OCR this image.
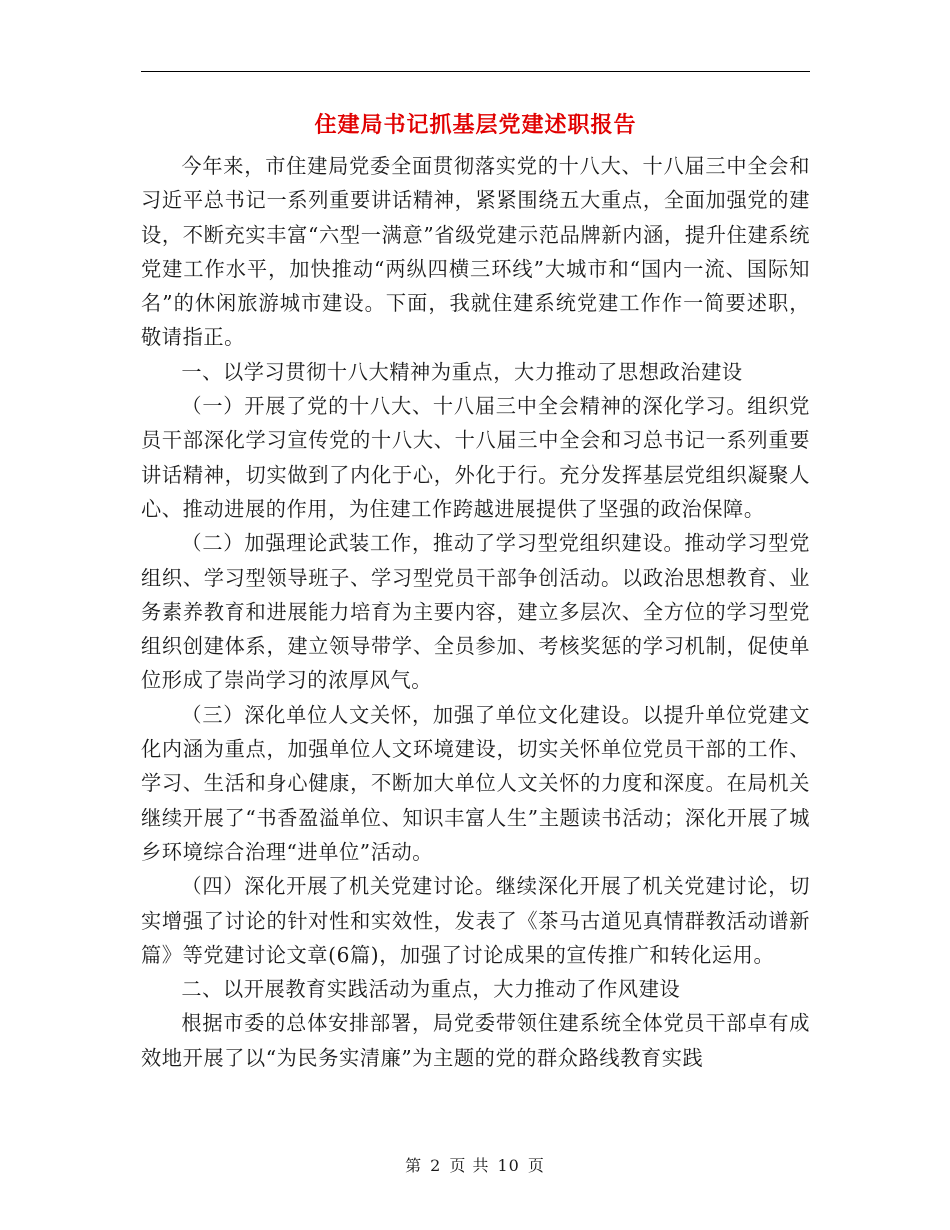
住建局书记抓基层党建述职报告

今年来，市住建局党委全面贯彻落实党的十八大、十八届三中全会和习近平总书记一系列重要讲话精神，紧紧围绕五大重点，全面加强党的建设，不断充实丰富“六型一满意”省级党建示范品牌新内涵，提升住建系统党建工作水平，加快推动“两纵四横三环线”大城市和“国内一流、国际知名”的休闲旅游城市建设。下面，我就住建系统党建工作作一简要述职，敬请指正。

一、以学习贯彻十八大精神为重点，大力推动了思想政治建设

（一）开展了党的十八大、十八届三中全会精神的深化学习。组织党员干部深化学习宣传党的十八大、十八届三中全会和习总书记一系列重要讲话精神，切实做到了内化于心，外化于行。充分发挥基层党组织凝聚人心、推动进展的作用，为住建工作跨越进展提供了坚强的政治保障。

（二）加强理论武装工作，推动了学习型党组织建设。推动学习型党组织、学习型领导班子、学习型党员干部争创活动。以政治思想教育、业务素养教育和进展能力培育为主要内容，建立多层次、全方位的学习型党组织创建体系，建立领导带学、全员参加、考核奖惩的学习机制，促使单位形成了崇尚学习的浓厚风气。

（三）深化单位人文关怀，加强了单位文化建设。以提升单位党建文化内涵为重点，加强单位人文环境建设，切实关怀单位党员干部的工作、学习、生活和身心健康，不断加大单位人文关怀的力度和深度。在局机关继续开展了“书香盈溢单位、知识丰富人生”主题读书活动；深化开展了城乡环境综合治理“进单位”活动。

（四）深化开展了机关党建讨论。继续深化开展了机关党建讨论，切实增强了讨论的针对性和实效性，发表了《茶马古道见真情群教活动谱新篇》等党建讨论文章(6篇)，加强了讨论成果的宣传推广和转化运用。

二、以开展教育实践活动为重点，大力推动了作风建设

根据市委的总体安排部署，局党委带领住建系统全体党员干部卓有成效地开展了以“为民务实清廉”为主题的党的群众路线教育实践

第 2 页 共 10 页
